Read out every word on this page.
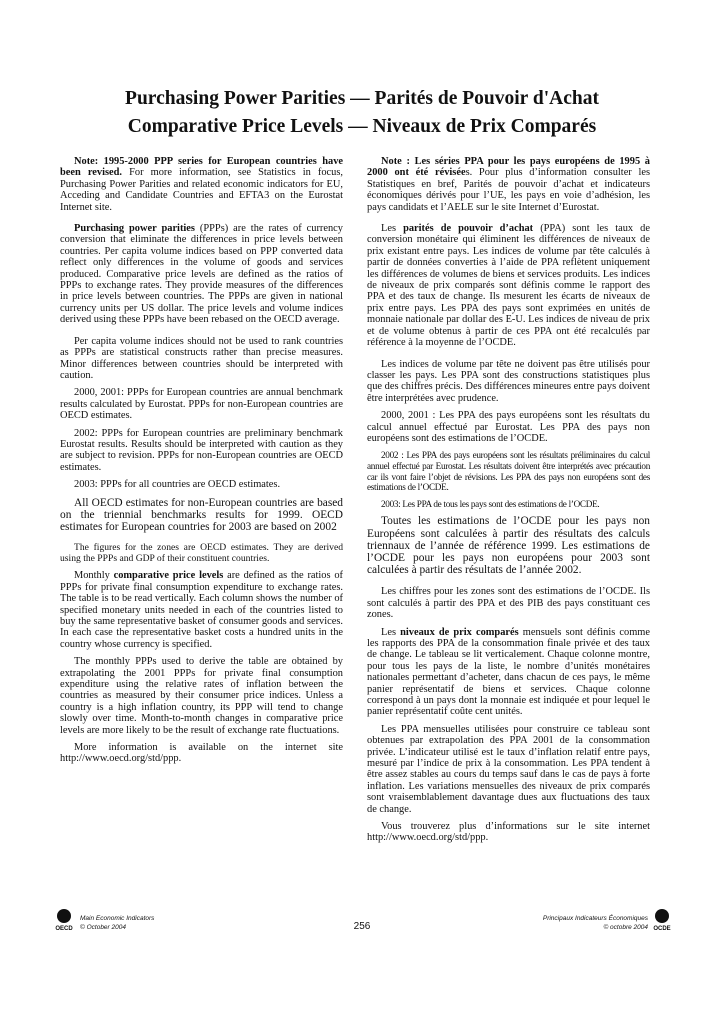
Purchasing Power Parities — Parités de Pouvoir d'Achat
Comparative Price Levels — Niveaux de Prix Comparés

Note: 1995-2000 PPP series for European countries have been revised. For more information, see Statistics in focus, Purchasing Power Parities and related economic indicators for EU, Acceding and Candidate Countries and EFTA3 on the Eurostat Internet site.

Purchasing power parities (PPPs) are the rates of currency conversion that eliminate the differences in price levels between countries. Per capita volume indices based on PPP converted data reflect only differences in the volume of goods and services produced. Comparative price levels are defined as the ratios of PPPs to exchange rates. They provide measures of the differences in price levels between countries. The PPPs are given in national currency units per US dollar. The price levels and volume indices derived using these PPPs have been rebased on the OECD average.

Per capita volume indices should not be used to rank countries as PPPs are statistical constructs rather than precise measures. Minor differences between countries should be interpreted with caution.

2000, 2001: PPPs for European countries are annual benchmark results calculated by Eurostat. PPPs for non-European countries are OECD estimates.

2002: PPPs for European countries are preliminary benchmark Eurostat results. Results should be interpreted with caution as they are subject to revision. PPPs for non-European countries are OECD estimates.

2003: PPPs for all countries are OECD estimates.

All OECD estimates for non-European countries are based on the triennial benchmarks results for 1999. OECD estimates for European countries for 2003 are based on 2002

The figures for the zones are OECD estimates. They are derived using the PPPs and GDP of their constituent countries.

Monthly comparative price levels are defined as the ratios of PPPs for private final consumption expenditure to exchange rates. The table is to be read vertically. Each column shows the number of specified monetary units needed in each of the countries listed to buy the same representative basket of consumer goods and services. In each case the representative basket costs a hundred units in the country whose currency is specified.

The monthly PPPs used to derive the table are obtained by extrapolating the 2001 PPPs for private final consumption expenditure using the relative rates of inflation between the countries as measured by their consumer price indices. Unless a country is a high inflation country, its PPP will tend to change slowly over time. Month-to-month changes in comparative price levels are more likely to be the result of exchange rate fluctuations.

More information is available on the internet site http://www.oecd.org/std/ppp.

Note : Les séries PPA pour les pays européens de 1995 à 2000 ont été révisées. Pour plus d’information consulter les Statistiques en bref, Parités de pouvoir d’achat et indicateurs économiques dérivés pour l’UE, les pays en voie d’adhésion, les pays candidats et l’AELE sur le site Internet d’Eurostat.

Les parités de pouvoir d’achat (PPA) sont les taux de conversion monétaire qui éliminent les différences de niveaux de prix existant entre pays. Les indices de volume par tête calculés à partir de données converties à l’aide de PPA reflètent uniquement les différences de volumes de biens et services produits. Les indices de niveaux de prix comparés sont définis comme le rapport des PPA et des taux de change. Ils mesurent les écarts de niveaux de prix entre pays. Les PPA des pays sont exprimées en unités de monnaie nationale par dollar des E-U. Les indices de niveau de prix et de volume obtenus à partir de ces PPA ont été recalculés par référence à la moyenne de l’OCDE.

Les indices de volume par tête ne doivent pas être utilisés pour classer les pays. Les PPA sont des constructions statistiques plus que des chiffres précis. Des différences mineures entre pays doivent être interprétées avec prudence.

2000, 2001 : Les PPA des pays européens sont les résultats du calcul annuel effectué par Eurostat. Les PPA des pays non européens sont des estimations de l’OCDE.

2002 : Les PPA des pays européens sont les résultats préliminaires du calcul annuel effectué par Eurostat. Les résultats doivent être interprétés avec précaution car ils vont faire l’objet de révisions. Les PPA des pays non européens sont des estimations de l’OCDE.

2003: Les PPA de tous les pays sont des estimations de l’OCDE.

Toutes les estimations de l’OCDE pour les pays non Européens sont calculées à partir des résultats des calculs triennaux de l’année de référence 1999. Les estimations de l’OCDE pour les pays non européens pour 2003 sont calculées à partir des résultats de l’année 2002.

Les chiffres pour les zones sont des estimations de l’OCDE. Ils sont calculés à partir des PPA et des PIB des pays constituant ces zones.

Les niveaux de prix comparés mensuels sont définis comme les rapports des PPA de la consommation finale privée et des taux de change. Le tableau se lit verticalement. Chaque colonne montre, pour tous les pays de la liste, le nombre d’unités monétaires nationales permettant d’acheter, dans chacun de ces pays, le même panier représentatif de biens et services. Chaque colonne correspond à un pays dont la monnaie est indiquée et pour lequel le panier représentatif coûte cent unités.

Les PPA mensuelles utilisées pour construire ce tableau sont obtenues par extrapolation des PPA 2001 de la consommation privée. L’indicateur utilisé est le taux d’inflation relatif entre pays, mesuré par l’indice de prix à la consommation. Les PPA tendent à être assez stables au cours du temps sauf dans le cas de pays à forte inflation. Les variations mensuelles des niveaux de prix comparés sont vraisemblablement davantage dues aux fluctuations des taux de change.

Vous trouverez plus d’informations sur le site internet http://www.oecd.org/std/ppp.

OECD
Main Economic Indicators
© October 2004	256
Principaux Indicateurs Économiques
© octobre 2004 OCDE
